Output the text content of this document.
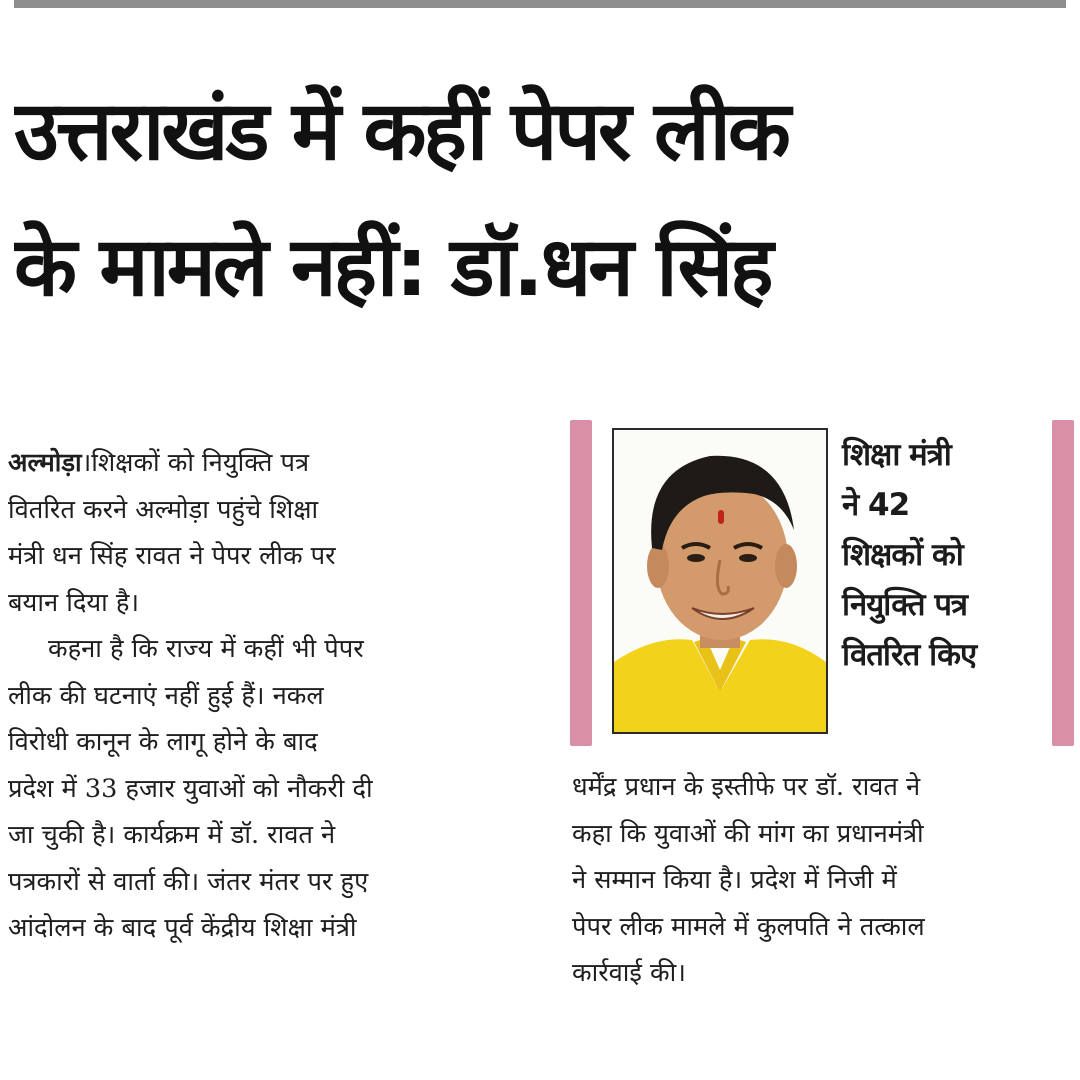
उत्तराखंड में कहीं पेपर लीक
के मामले नहीं: डॉ.धन सिंह
अल्मोड़ा।शिक्षकों को नियुक्ति पत्र
वितरित करने अल्मोड़ा पहुंचे शिक्षा
मंत्री धन सिंह रावत ने पेपर लीक पर
बयान दिया है।
कहना है कि राज्य में कहीं भी पेपर
लीक की घटनाएं नहीं हुई हैं। नकल
विरोधी कानून के लागू होने के बाद
प्रदेश में 33 हजार युवाओं को नौकरी दी
जा चुकी है। कार्यक्रम में डॉ. रावत ने
पत्रकारों से वार्ता की। जंतर मंतर पर हुए
आंदोलन के बाद पूर्व केंद्रीय शिक्षा मंत्री
शिक्षा मंत्री
ने 42
शिक्षकों को
नियुक्ति पत्र
वितरित किए
धर्मेंद्र प्रधान के इस्तीफे पर डॉ. रावत ने
कहा कि युवाओं की मांग का प्रधानमंत्री
ने सम्मान किया है। प्रदेश में निजी में
पेपर लीक मामले में कुलपति ने तत्काल
कार्रवाई की।
